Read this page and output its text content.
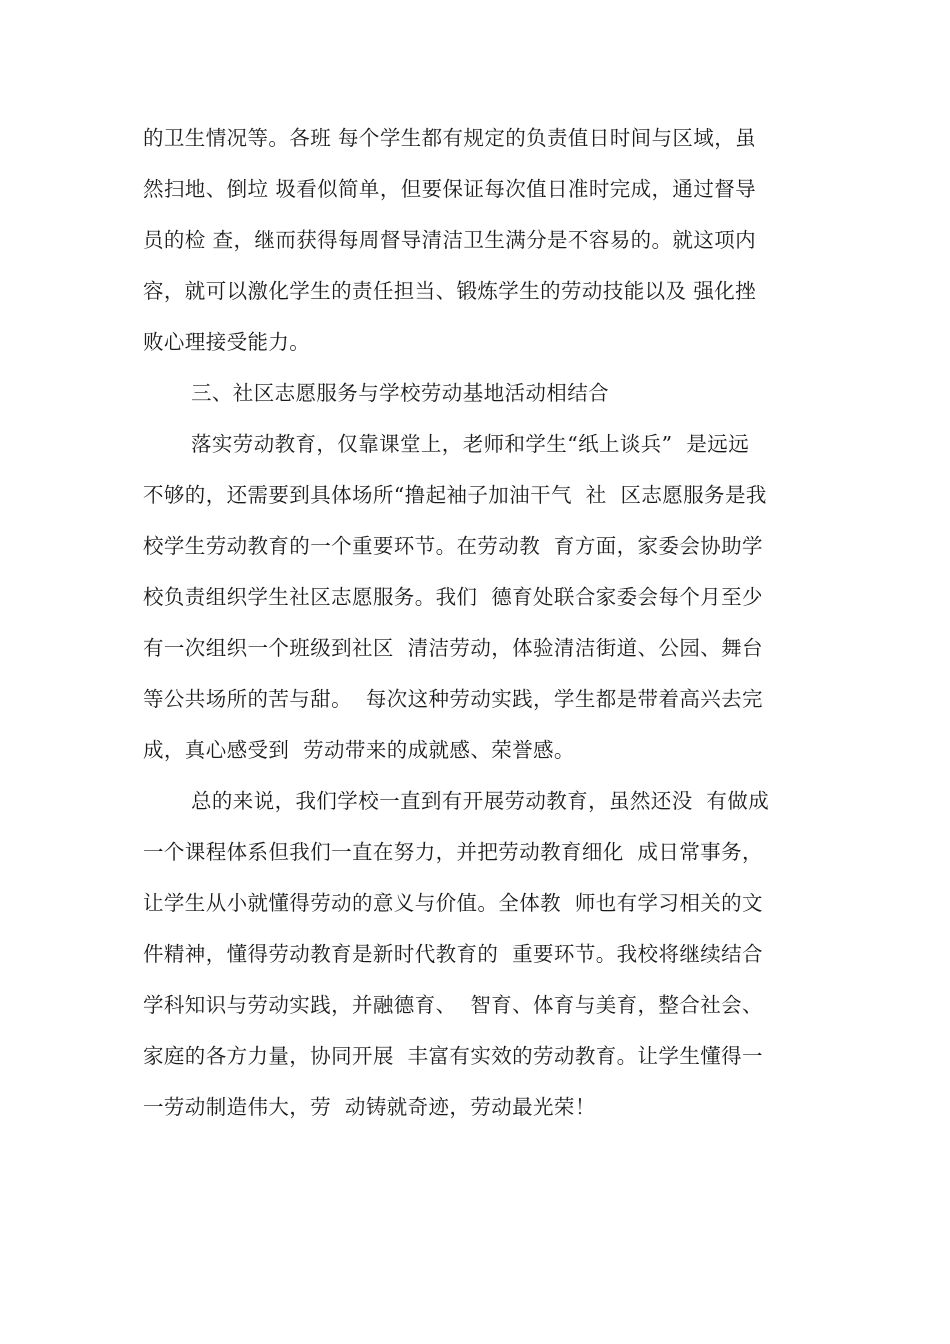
的卫生情况等。各班 每个学生都有规定的负责值日时间与区域，虽
然扫地、倒垃 圾看似简单，但要保证每次值日准时完成，通过督导
员的检 查，继而获得每周督导清洁卫生满分是不容易的。就这项内
容，就可以激化学生的责任担当、锻炼学生的劳动技能以及 强化挫
败心理接受能力。
三、社区志愿服务与学校劳动基地活动相结合
落实劳动教育，仅靠课堂上，老师和学生“纸上谈兵”  是远远
不够的，还需要到具体场所“撸起袖子加油干气  社  区志愿服务是我
校学生劳动教育的一个重要环节。在劳动教  育方面，家委会协助学
校负责组织学生社区志愿服务。我们  德育处联合家委会每个月至少
有一次组织一个班级到社区  清洁劳动，体验清洁街道、公园、舞台
等公共场所的苦与甜。  每次这种劳动实践，学生都是带着高兴去完
成，真心感受到  劳动带来的成就感、荣誉感。
总的来说，我们学校一直到有开展劳动教育，虽然还没  有做成
一个课程体系但我们一直在努力，并把劳动教育细化  成日常事务，
让学生从小就懂得劳动的意义与价值。全体教  师也有学习相关的文
件精神，懂得劳动教育是新时代教育的  重要环节。我校将继续结合
学科知识与劳动实践，并融德育、  智育、体育与美育，整合社会、
家庭的各方力量，协同开展  丰富有实效的劳动教育。让学生懂得一
一劳动制造伟大，劳  动铸就奇迹，劳动最光荣！
